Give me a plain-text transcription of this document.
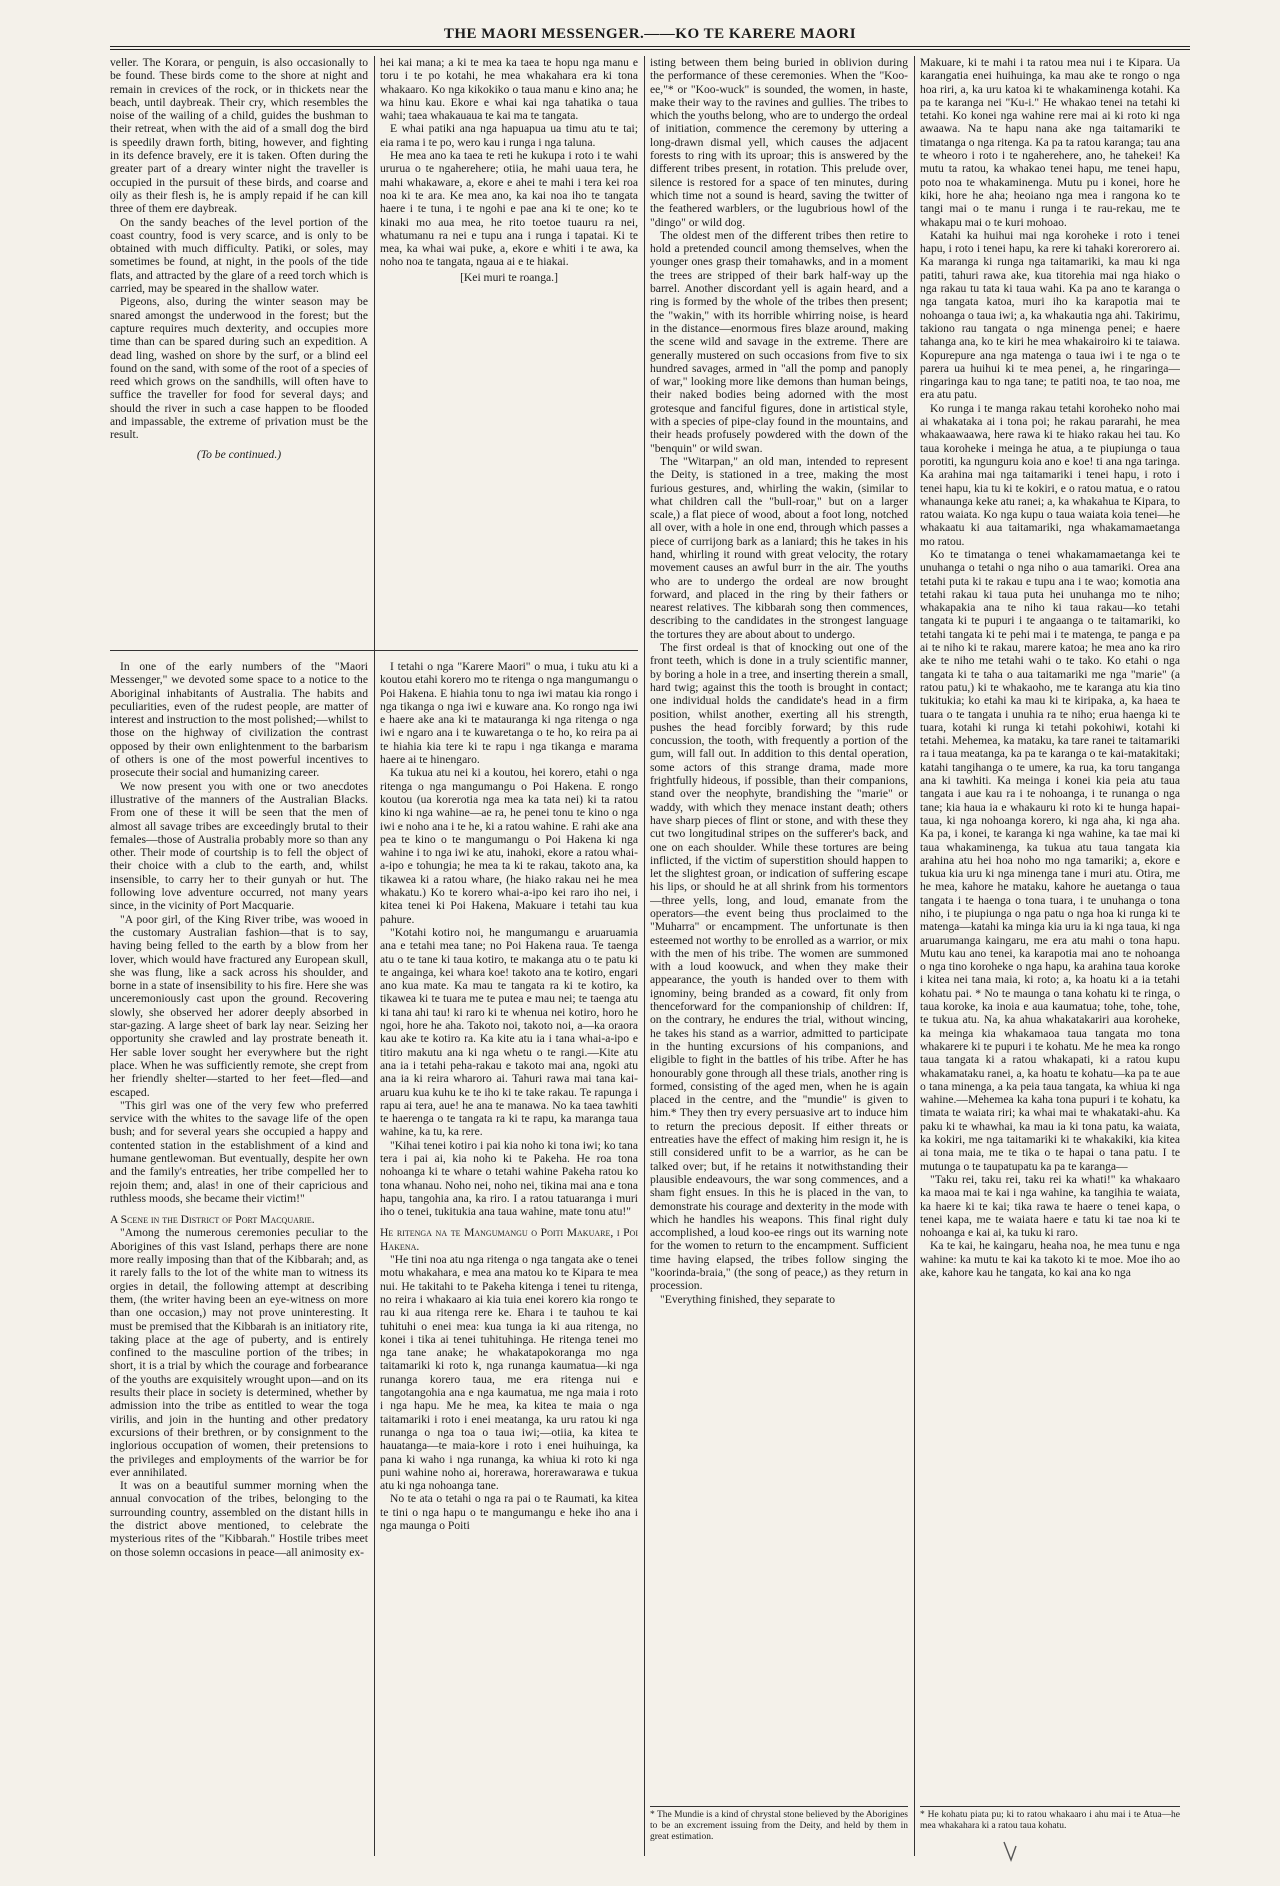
THE MAORI MESSENGER.——KO TE KARERE MAORI

veller. The Korara, or penguin, is also occasionally to be found. These birds come to the shore at night and remain in crevices of the rock, or in thickets near the beach, until daybreak. Their cry, which resembles the noise of the wailing of a child, guides the bushman to their retreat, when with the aid of a small dog the bird is speedily drawn forth, biting, however, and fighting in its defence bravely, ere it is taken. Often during the greater part of a dreary winter night the traveller is occupied in the pursuit of these birds, and coarse and oily as their flesh is, he is amply repaid if he can kill three of them ere daybreak.

On the sandy beaches of the level portion of the coast country, food is very scarce, and is only to be obtained with much difficulty. Patiki, or soles, may sometimes be found, at night, in the pools of the tide flats, and attracted by the glare of a reed torch which is carried, may be speared in the shallow water.

Pigeons, also, during the winter season may be snared amongst the underwood in the forest; but the capture requires much dexterity, and occupies more time than can be spared during such an expedition. A dead ling, washed on shore by the surf, or a blind eel found on the sand, with some of the root of a species of reed which grows on the sandhills, will often have to suffice the traveller for food for several days; and should the river in such a case happen to be flooded and impassable, the extreme of privation must be the result.

(To be continued.)

hei kai mana; a ki te mea ka taea te hopu nga manu e toru i te po kotahi, he mea whakahara era ki tona whakaaro. Ko nga kikokiko o taua manu e kino ana; he wa hinu kau. Ekore e whai kai nga tahatika o taua wahi; taea whakauaua te kai ma te tangata.

E whai patiki ana nga hapuapua ua timu atu te tai; eia rama i te po, wero kau i runga i nga taluna.

He mea ano ka taea te reti he kukupa i roto i te wahi ururua o te ngaherehere; otiia, he mahi uaua tera, he mahi whakaware, a, ekore e ahei te mahi i tera kei roa noa ki te ara. Ke mea ano, ka kai noa iho te tangata haere i te tuna, i te ngohi e pae ana ki te one; ko te kinaki mo aua mea, he rito toetoe tuauru ra nei, whatumanu ra nei e tupu ana i runga i tapatai. Ki te mea, ka whai wai puke, a, ekore e whiti i te awa, ka noho noa te tangata, ngaua ai e te hiakai.

[Kei muri te roanga.]

In one of the early numbers of the "Maori Messenger," we devoted some space to a notice to the Aboriginal inhabitants of Australia. The habits and peculiarities, even of the rudest people, are matter of interest and instruction to the most polished;—whilst to those on the highway of civilization the contrast opposed by their own enlightenment to the barbarism of others is one of the most powerful incentives to prosecute their social and humanizing career.

We now present you with one or two anecdotes illustrative of the manners of the Australian Blacks. From one of these it will be seen that the men of almost all savage tribes are exceedingly brutal to their females—those of Australia probably more so than any other. Their mode of courtship is to fell the object of their choice with a club to the earth, and, whilst insensible, to carry her to their gunyah or hut. The following love adventure occurred, not many years since, in the vicinity of Port Macquarie.

"A poor girl, of the King River tribe, was wooed in the customary Australian fashion—that is to say, having being felled to the earth by a blow from her lover, which would have fractured any European skull, she was flung, like a sack across his shoulder, and borne in a state of insensibility to his fire. Here she was unceremoniously cast upon the ground. Recovering slowly, she observed her adorer deeply absorbed in star-gazing. A large sheet of bark lay near. Seizing her opportunity she crawled and lay prostrate beneath it. Her sable lover sought her everywhere but the right place. When he was sufficiently remote, she crept from her friendly shelter—started to her feet—fled—and escaped.

"This girl was one of the very few who preferred service with the whites to the savage life of the open bush; and for several years she occupied a happy and contented station in the establishment of a kind and humane gentlewoman. But eventually, despite her own and the family's entreaties, her tribe compelled her to rejoin them; and, alas! in one of their capricious and ruthless moods, she became their victim!"

A Scene in the District of Port Macquarie.

"Among the numerous ceremonies peculiar to the Aborigines of this vast Island, perhaps there are none more really imposing than that of the Kibbarah; and, as it rarely falls to the lot of the white man to witness its orgies in detail, the following attempt at describing them, (the writer having been an eye-witness on more than one occasion,) may not prove uninteresting. It must be premised that the Kibbarah is an initiatory rite, taking place at the age of puberty, and is entirely confined to the masculine portion of the tribes; in short, it is a trial by which the courage and forbearance of the youths are exquisitely wrought upon—and on its results their place in society is determined, whether by admission into the tribe as entitled to wear the toga virilis, and join in the hunting and other predatory excursions of their brethren, or by consignment to the inglorious occupation of women, their pretensions to the privileges and employments of the warrior be for ever annihilated.

It was on a beautiful summer morning when the annual convocation of the tribes, belonging to the surrounding country, assembled on the distant hills in the district above mentioned, to celebrate the mysterious rites of the "Kibbarah." Hostile tribes meet on those solemn occasions in peace—all animosity ex-

I tetahi o nga "Karere Maori" o mua, i tuku atu ki a koutou etahi korero mo te ritenga o nga mangumangu o Poi Hakena. E hiahia tonu to nga iwi matau kia rongo i nga tikanga o nga iwi e kuware ana. Ko rongo nga iwi e haere ake ana ki te matauranga ki nga ritenga o nga iwi e ngaro ana i te kuwaretanga o te ho, ko reira pa ai te hiahia kia tere ki te rapu i nga tikanga e marama haere ai te hinengaro.

Ka tukua atu nei ki a koutou, hei korero, etahi o nga ritenga o nga mangumangu o Poi Hakena. E rongo koutou (ua korerotia nga mea ka tata nei) ki ta ratou kino ki nga wahine—ae ra, he penei tonu te kino o nga iwi e noho ana i te he, ki a ratou wahine. E rahi ake ana pea te kino o te mangumangu o Poi Hakena ki nga wahine i to nga iwi ke atu, inahoki, ekore a ratou whai-a-ipo e tohungia; he mea ta ki te rakau, takoto ana, ka tikawea ki a ratou whare, (he hiako rakau nei he mea whakatu.) Ko te korero whai-a-ipo kei raro iho nei, i kitea tenei ki Poi Hakena, Makuare i tetahi tau kua pahure.

"Kotahi kotiro noi, he mangumangu e aruaruamia ana e tetahi mea tane; no Poi Hakena raua. Te taenga atu o te tane ki taua kotiro, te makanga atu o te patu ki te angainga, kei whara koe! takoto ana te kotiro, engari ano kua mate. Ka mau te tangata ra ki te kotiro, ka tikawea ki te tuara me te putea e mau nei; te taenga atu ki tana ahi tau! ki raro ki te whenua nei kotiro, horo he ngoi, hore he aha. Takoto noi, takoto noi, a—ka oraora kau ake te kotiro ra. Ka kite atu ia i tana whai-a-ipo e titiro makutu ana ki nga whetu o te rangi.—Kite atu ana ia i tetahi peha-rakau e takoto mai ana, ngoki atu ana ia ki reira wharoro ai. Tahuri rawa mai tana kai-aruaru kua kuhu ke te iho ki te take rakau. Te rapunga i rapu ai tera, aue! he ana te manawa. No ka taea tawhiti te haerenga o te tangata ra ki te rapu, ka maranga taua wahine, ka tu, ka rere.

"Kihai tenei kotiro i pai kia noho ki tona iwi; ko tana tera i pai ai, kia noho ki te Pakeha. He roa tona nohoanga ki te whare o tetahi wahine Pakeha ratou ko tona whanau. Noho nei, noho nei, tikina mai ana e tona hapu, tangohia ana, ka riro. I a ratou tatuaranga i muri iho o tenei, tukitukia ana taua wahine, mate tonu atu!"

He ritenga na te Mangumangu o Poiti Makuare, i Poi Hakena.

"He tini noa atu nga ritenga o nga tangata ake o tenei motu whakahara, e mea ana matou ko te Kipara te mea nui. He takitahi to te Pakeha kitenga i tenei tu ritenga, no reira i whakaaro ai kia tuia enei korero kia rongo te rau ki aua ritenga rere ke. Ehara i te tauhou te kai tuhituhi o enei mea: kua tunga ia ki aua ritenga, no konei i tika ai tenei tuhituhinga. He ritenga tenei mo nga tane anake; he whakatapokoranga mo nga taitamariki ki roto k, nga runanga kaumatua—ki nga runanga korero taua, me era ritenga nui e tangotangohia ana e nga kaumatua, me nga maia i roto i nga hapu. Me he mea, ka kitea te maia o nga taitamariki i roto i enei meatanga, ka uru ratou ki nga runanga o nga toa o taua iwi;—otiia, ka kitea te hauatanga—te maia-kore i roto i enei huihuinga, ka pana ki waho i nga runanga, ka whiua ki roto ki nga puni wahine noho ai, horerawa, horerawarawa e tukua atu ki nga nohoanga tane.

No te ata o tetahi o nga ra pai o te Raumati, ka kitea te tini o nga hapu o te mangumangu e heke iho ana i nga maunga o Poiti

isting between them being buried in oblivion during the performance of these ceremonies. When the "Koo-ee,"* or "Koo-wuck" is sounded, the women, in haste, make their way to the ravines and gullies. The tribes to which the youths belong, who are to undergo the ordeal of initiation, commence the ceremony by uttering a long-drawn dismal yell, which causes the adjacent forests to ring with its uproar; this is answered by the different tribes present, in rotation. This prelude over, silence is restored for a space of ten minutes, during which time not a sound is heard, saving the twitter of the feathered warblers, or the lugubrious howl of the "dingo" or wild dog.

The oldest men of the different tribes then retire to hold a pretended council among themselves, when the younger ones grasp their tomahawks, and in a moment the trees are stripped of their bark half-way up the barrel. Another discordant yell is again heard, and a ring is formed by the whole of the tribes then present; the "wakin," with its horrible whirring noise, is heard in the distance—enormous fires blaze around, making the scene wild and savage in the extreme. There are generally mustered on such occasions from five to six hundred savages, armed in "all the pomp and panoply of war," looking more like demons than human beings, their naked bodies being adorned with the most grotesque and fanciful figures, done in artistical style, with a species of pipe-clay found in the mountains, and their heads profusely powdered with the down of the "benquin" or wild swan.

The "Witarpan," an old man, intended to represent the Deity, is stationed in a tree, making the most furious gestures, and, whirling the wakin, (similar to what children call the "bull-roar," but on a larger scale,) a flat piece of wood, about a foot long, notched all over, with a hole in one end, through which passes a piece of currijong bark as a laniard; this he takes in his hand, whirling it round with great velocity, the rotary movement causes an awful burr in the air. The youths who are to undergo the ordeal are now brought forward, and placed in the ring by their fathers or nearest relatives. The kibbarah song then commences, describing to the candidates in the strongest language the tortures they are about about to undergo.

The first ordeal is that of knocking out one of the front teeth, which is done in a truly scientific manner, by boring a hole in a tree, and inserting therein a small, hard twig; against this the tooth is brought in contact; one individual holds the candidate's head in a firm position, whilst another, exerting all his strength, pushes the head forcibly forward; by this rude concussion, the tooth, with frequently a portion of the gum, will fall out. In addition to this dental operation, some actors of this strange drama, made more frightfully hideous, if possible, than their companions, stand over the neophyte, brandishing the "marie" or waddy, with which they menace instant death; others have sharp pieces of flint or stone, and with these they cut two longitudinal stripes on the sufferer's back, and one on each shoulder. While these tortures are being inflicted, if the victim of superstition should happen to let the slightest groan, or indication of suffering escape his lips, or should he at all shrink from his tormentors—three yells, long, and loud, emanate from the operators—the event being thus proclaimed to the "Muharra" or encampment. The unfortunate is then esteemed not worthy to be enrolled as a warrior, or mix with the men of his tribe. The women are summoned with a loud koowuck, and when they make their appearance, the youth is handed over to them with ignominy, being branded as a coward, fit only from thenceforward for the companionship of children: If, on the contrary, he endures the trial, without wincing, he takes his stand as a warrior, admitted to participate in the hunting excursions of his companions, and eligible to fight in the battles of his tribe. After he has honourably gone through all these trials, another ring is formed, consisting of the aged men, when he is again placed in the centre, and the "mundie" is given to him.* They then try every persuasive art to induce him to return the precious deposit. If either threats or entreaties have the effect of making him resign it, he is still considered unfit to be a warrior, as he can be talked over; but, if he retains it notwithstanding their plausible endeavours, the war song commences, and a sham fight ensues. In this he is placed in the van, to demonstrate his courage and dexterity in the mode with which he handles his weapons. This final right duly accomplished, a loud koo-ee rings out its warning note for the women to return to the encampment. Sufficient time having elapsed, the tribes follow singing the "koorinda-braia," (the song of peace,) as they return in procession.

"Everything finished, they separate to

* The Mundie is a kind of chrystal stone believed by the Aborigines to be an excrement issuing from the Deity, and held by them in great estimation.

Makuare, ki te mahi i ta ratou mea nui i te Kipara. Ua karangatia enei huihuinga, ka mau ake te rongo o nga hoa riri, a, ka uru katoa ki te whakaminenga kotahi. Ka pa te karanga nei "Ku-i." He whakao tenei na tetahi ki tetahi. Ko konei nga wahine rere mai ai ki roto ki nga awaawa. Na te hapu nana ake nga taitamariki te timatanga o nga ritenga. Ka pa ta ratou karanga; tau ana te wheoro i roto i te ngaherehere, ano, he tahekei! Ka mutu ta ratou, ka whakao tenei hapu, me tenei hapu, poto noa te whakaminenga. Mutu pu i konei, hore he kiki, hore he aha; heoiano nga mea i rangona ko te tangi mai o te manu i runga i te rau-rekau, me te whakapu mai o te kuri mohoao.

Katahi ka huihui mai nga koroheke i roto i tenei hapu, i roto i tenei hapu, ka rere ki tahaki korerorero ai. Ka maranga ki runga nga taitamariki, ka mau ki nga patiti, tahuri rawa ake, kua titorehia mai nga hiako o nga rakau tu tata ki taua wahi. Ka pa ano te karanga o nga tangata katoa, muri iho ka karapotia mai te nohoanga o taua iwi; a, ka whakautia nga ahi. Takirimu, takiono rau tangata o nga minenga penei; e haere tahanga ana, ko te kiri he mea whakairoiro ki te taiawa. Kopurepure ana nga matenga o taua iwi i te nga o te parera ua huihui ki te mea penei, a, he ringaringa—ringaringa kau to nga tane; te patiti noa, te tao noa, me era atu patu.

Ko runga i te manga rakau tetahi koroheko noho mai ai whakataka ai i tona poi; he rakau pararahi, he mea whakaawaawa, here rawa ki te hiako rakau hei tau. Ko taua koroheke i meinga he atua, a te piupiunga o taua porotiti, ka ngunguru koia ano e koe! ti ana nga taringa. Ka arahina mai nga taitamariki i tenei hapu, i roto i tenei hapu, kia tu ki te kokiri, e o ratou matua, e o ratou whanaunga keke atu ranei; a, ka whakahua te Kipara, to ratou waiata. Ko nga kupu o taua waiata koia tenei—he whakaatu ki aua taitamariki, nga whakamamaetanga mo ratou.

Ko te timatanga o tenei whakamamaetanga kei te unuhanga o tetahi o nga niho o aua tamariki. Orea ana tetahi puta ki te rakau e tupu ana i te wao; komotia ana tetahi rakau ki taua puta hei unuhanga mo te niho; whakapakia ana te niho ki taua rakau—ko tetahi tangata ki te pupuri i te angaanga o te taitamariki, ko tetahi tangata ki te pehi mai i te matenga, te panga e pa ai te niho ki te rakau, marere katoa; he mea ano ka riro ake te niho me tetahi wahi o te tako. Ko etahi o nga tangata ki te taha o aua taitamariki me nga "marie" (a ratou patu,) ki te whakaoho, me te karanga atu kia tino tukitukia; ko etahi ka mau ki te kiripaka, a, ka haea te tuara o te tangata i unuhia ra te niho; erua haenga ki te tuara, kotahi ki runga ki tetahi pokohiwi, kotahi ki tetahi. Mehemea, ka mataku, ka tare ranei te taitamariki ra i taua meatanga, ka pa te karanga o te kai-matakitaki; katahi tangihanga o te umere, ka rua, ka toru tanganga ana ki tawhiti. Ka meinga i konei kia peia atu taua tangata i aue kau ra i te nohoanga, i te runanga o nga tane; kia haua ia e whakauru ki roto ki te hunga hapai-taua, ki nga nohoanga korero, ki nga aha, ki nga aha. Ka pa, i konei, te karanga ki nga wahine, ka tae mai ki taua whakaminenga, ka tukua atu taua tangata kia arahina atu hei hoa noho mo nga tamariki; a, ekore e tukua kia uru ki nga minenga tane i muri atu. Otira, me he mea, kahore he mataku, kahore he auetanga o taua tangata i te haenga o tona tuara, i te unuhanga o tona niho, i te piupiunga o nga patu o nga hoa ki runga ki te matenga—katahi ka minga kia uru ia ki nga taua, ki nga aruarumanga kaingaru, me era atu mahi o tona hapu. Mutu kau ano tenei, ka karapotia mai ano te nohoanga o nga tino koroheke o nga hapu, ka arahina taua koroke i kitea nei tana maia, ki roto; a, ka hoatu ki a ia tetahi kohatu pai. * No te maunga o tana kohatu ki te ringa, o taua koroke, ka inoia e aua kaumatua; tohe, tohe, tohe, te tukua atu. Na, ka ahua whakatakariri aua koroheke, ka meinga kia whakamaoa taua tangata mo tona whakarere ki te pupuri i te kohatu. Me he mea ka rongo taua tangata ki a ratou whakapati, ki a ratou kupu whakamataku ranei, a, ka hoatu te kohatu—ka pa te aue o tana minenga, a ka peia taua tangata, ka whiua ki nga wahine.—Mehemea ka kaha tona pupuri i te kohatu, ka timata te waiata riri; ka whai mai te whakataki-ahu. Ka paku ki te whawhai, ka mau ia ki tona patu, ka waiata, ka kokiri, me nga taitamariki ki te whakakiki, kia kitea ai tona maia, me te tika o te hapai o tana patu. I te mutunga o te taupatupatu ka pa te karanga—

"Taku rei, taku rei, taku rei ka whati!" ka whakaaro ka maoa mai te kai i nga wahine, ka tangihia te waiata, ka haere ki te kai; tika rawa te haere o tenei kapa, o tenei kapa, me te waiata haere e tatu ki tae noa ki te nohoanga e kai ai, ka tuku ki raro.

Ka te kai, he kaingaru, heaha noa, he mea tunu e nga wahine: ka mutu te kai ka takoto ki te moe. Moe iho ao ake, kahore kau he tangata, ko kai ana ko nga

* He kohatu piata pu; ki to ratou whakaaro i ahu mai i te Atua—he mea whakahara ki a ratou taua kohatu.
